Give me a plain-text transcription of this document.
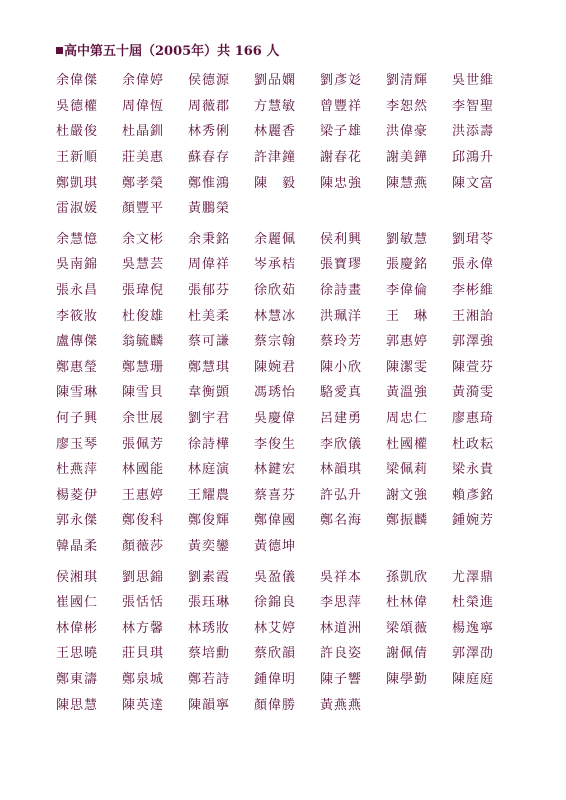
高中第五十屆（2005年）共 166 人
余偉傑	余偉婷	侯德源	劉品嫻	劉彥彣	劉清輝	吳世維
吳德權	周偉恆	周薇郡	方慧敏	曾豐祥	李恕然	李智聖
杜嚴俊	杜晶釧	林秀俐	林麗香	梁子雄	洪偉豪	洪添壽
王新順	莊美惠	蘇春存	許津鐘	謝春花	謝美鏵	邱鴻升
鄭凱琪	鄭孝榮	鄭惟鴻	陳　毅	陳忠強	陳慧燕	陳文富
雷淑媛	顏豐平	黃鵬榮
余慧憶	余文彬	余秉銘	余麗佩	侯利興	劉敏慧	劉珺苓
吳南錦	吳慧芸	周偉祥	岑承桔	張寶璆	張慶銘	張永偉
張永昌	張瑋倪	張郁芬	徐欣茹	徐詩畫	李偉倫	李彬維
李筱妝	杜俊雄	杜美柔	林慧冰	洪珮洋	王　琳	王湘詒
盧傳傑	翁毓麟	蔡可謙	蔡宗翰	蔡玲芳	郭惠婷	郭澤強
鄭惠瑩	鄭慧珊	鄭慧琪	陳婉君	陳小欣	陳潔雯	陳萱芬
陳雪琳	陳雪貝	韋衡顗	馮琇怡	駱愛真	黃溫強	黃漪雯
何子興	余世展	劉宇君	吳慶偉	呂建勇	周忠仁	廖惠琦
廖玉琴	張佩芳	徐詩樺	李俊生	李欣儀	杜國權	杜政耘
杜燕萍	林國能	林庭演	林鍵宏	林韻琪	梁佩莉	梁永貴
楊菱伊	王惠婷	王耀農	蔡喜芬	許弘升	謝文強	賴彥銘
郭永傑	鄭俊科	鄭俊輝	鄭偉國	鄭名海	鄭振麟	鍾婉芳
韓晶柔	顏薇莎	黃奕鑾	黃德坤
侯湘琪	劉思錦	劉素霞	吳盈儀	吳祥本	孫凱欣	尤澤鼎
崔國仁	張恬恬	張珏琳	徐錦良	李思萍	杜林偉	杜榮進
林偉彬	林方馨	林琇妝	林艾婷	林道洲	梁頌薇	楊逸寧
王思曉	莊貝琪	蔡培勳	蔡欣韻	許良姿	謝佩倩	郭澤劭
鄭東濤	鄭泉城	鄭若詩	鍾偉明	陳子響	陳學勤	陳庭庭
陳思慧	陳英達	陳韻寧	顏偉勝	黃燕燕
